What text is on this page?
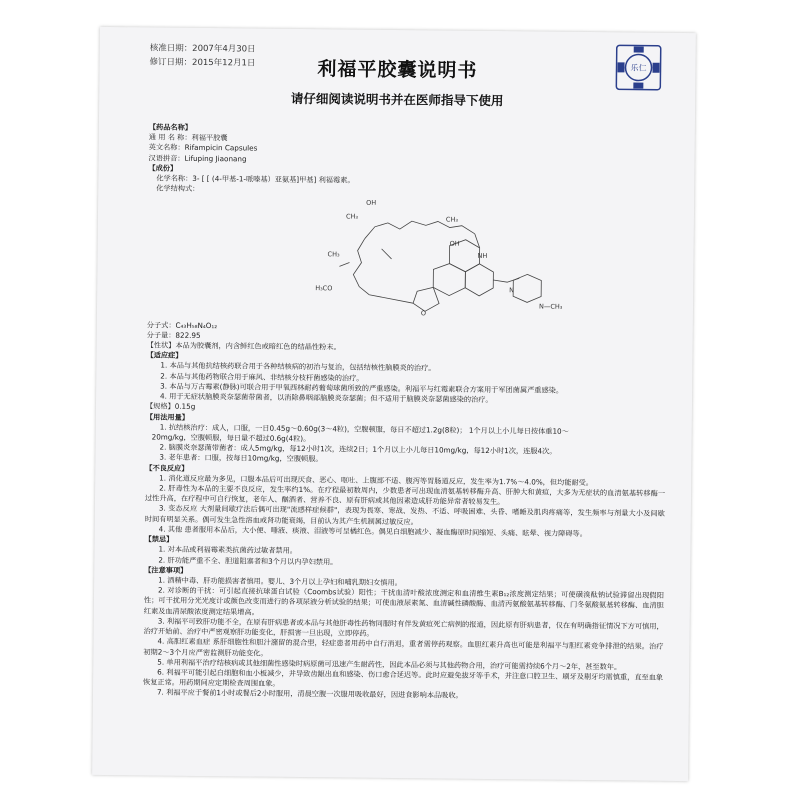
乐仁
核准日期：2007年4月30日
修订日期：2015年12月1日	利福平胶囊说明书
请仔细阅读说明书并在医师指导下使用
【药品名称】
通 用 名 称：利福平胶囊
英文名称：Rifampicin Capsules
汉语拼音：Lifuping Jiaonang
【成份】
化学名称：3- [ [ (4-甲基-1-哌嗪基）亚氨基]甲基] 利福霉素。
化学结构式：
OH
CH₃	CH₃
OH
NH
N
N—CH₃
H₃CO
O
CH₃
分子式：C₄₃H₅₈N₄O₁₂
分子量：822.95
【性状】本品为胶囊剂，内含鲜红色或暗红色的结晶性粉末。
【适应症】
1. 本品与其他抗结核药联合用于各种结核病的初治与复治，包括结核性脑膜炎的治疗。
2. 本品与其他药物联合用于麻风、非结核分枝杆菌感染的治疗。
3. 本品与万古霉素(静脉)可联合用于甲氧西林耐药葡萄球菌所致的严重感染。利福平与红霉素联合方案用于军团菌属严重感染。
4. 用于无症状脑膜炎奈瑟菌带菌者，以消除鼻咽部脑膜炎奈瑟菌；但不适用于脑膜炎奈瑟菌感染的治疗。
【规格】0.15g
【用法用量】
1. 抗结核治疗：成人，口服，一日0.45g～0.60g(3～4粒)，空腹顿服，每日不超过1.2g(8粒)； 1个月以上小儿每日按体重10～
20mg/kg，空腹顿服，每日量不超过0.6g(4粒)。
2. 脑膜炎奈瑟菌带菌者：成人5mg/kg，每12小时1次，连续2日；1个月以上小儿每日10mg/kg，每12小时1次，连服4次。
3. 老年患者：口服，按每日10mg/kg，空腹顿服。
【不良反应】
1. 消化道反应最为多见，口服本品后可出现厌食、恶心、呕吐、上腹部不适、腹泻等胃肠道反应，发生率为1.7%～4.0%，但均能耐受。
2. 肝毒性为本品的主要不良反应，发生率约1%。在疗程最初数周内，少数患者可出现血清氨基转移酶升高、肝肿大和黄疸，大多为无症状的血清氨基转移酶一过性升高，在疗程中可自行恢复，老年人、酗酒者、营养不良、原有肝病或其他因素造成肝功能异常者较易发生。
3. 变态反应 大剂量间歇疗法后偶可出现"流感样症候群"，表现为畏寒、寒战、发热、不适、呼吸困难、头昏、嗜睡及肌肉疼痛等，发生频率与剂量大小及间歇时间有明显关系。偶可发生急性溶血或肾功能衰竭，目前认为其产生机制属过敏反应。
4. 其他 患者服用本品后，大小便、唾液、痰液、泪液等可呈橘红色。偶见白细胞减少、凝血酶原时间缩短、头痛、眩晕、视力障碍等。
【禁忌】
1. 对本品或利福霉素类抗菌药过敏者禁用。
2. 肝功能严重不全、胆道阻塞者和3个月以内孕妇禁用。
【注意事项】
1. 酒精中毒、肝功能损害者慎用。婴儿、3个月以上孕妇和哺乳期妇女慎用。
2. 对诊断的干扰：可引起直接抗球蛋白试验（Coombs试验）阳性；干扰血清叶酸浓度测定和血清维生素B₁₂浓度测定结果；可使磺溴酞钠试验滞留出现假阳性；可干扰用分光光度计或颜色改变而进行的各项尿液分析试验的结果；可使血液尿素氮、血清碱性磷酸酶、血清丙氨酸氨基转移酶、门冬氨酸氨基转移酶、血清胆红素及血清尿酸浓度测定结果增高。
3. 利福平可致肝功能不全，在原有肝病患者或本品与其他肝毒性药物同服时有伴发黄疸死亡病例的报道，因此原有肝病患者，仅在有明确指征情况下方可慎用，治疗开始前、治疗中严密观察肝功能变化，肝损害一旦出现，立即停药。
4. 高胆红素血症 系肝细胞性和胆汁潴留的混合型，轻症患者用药中自行消退，重者需停药观察。血胆红素升高也可能是利福平与胆红素竞争排泄的结果。治疗初期2～3个月应严密监测肝功能变化。
5. 单用利福平治疗结核病或其他细菌性感染时病原菌可迅速产生耐药性，因此本品必须与其他药物合用，治疗可能需持续6个月～2年，甚至数年。
6. 利福平可能引起白细胞和血小板减少，并导致齿龈出血和感染、伤口愈合延迟等。此时应避免拔牙等手术，并注意口腔卫生、刷牙及剔牙均需慎重，直至血象恢复正常。用药期间应定期检查周围血象。
7. 利福平应于餐前1小时或餐后2小时服用，清晨空腹一次服用吸收最好，因进食影响本品吸收。
